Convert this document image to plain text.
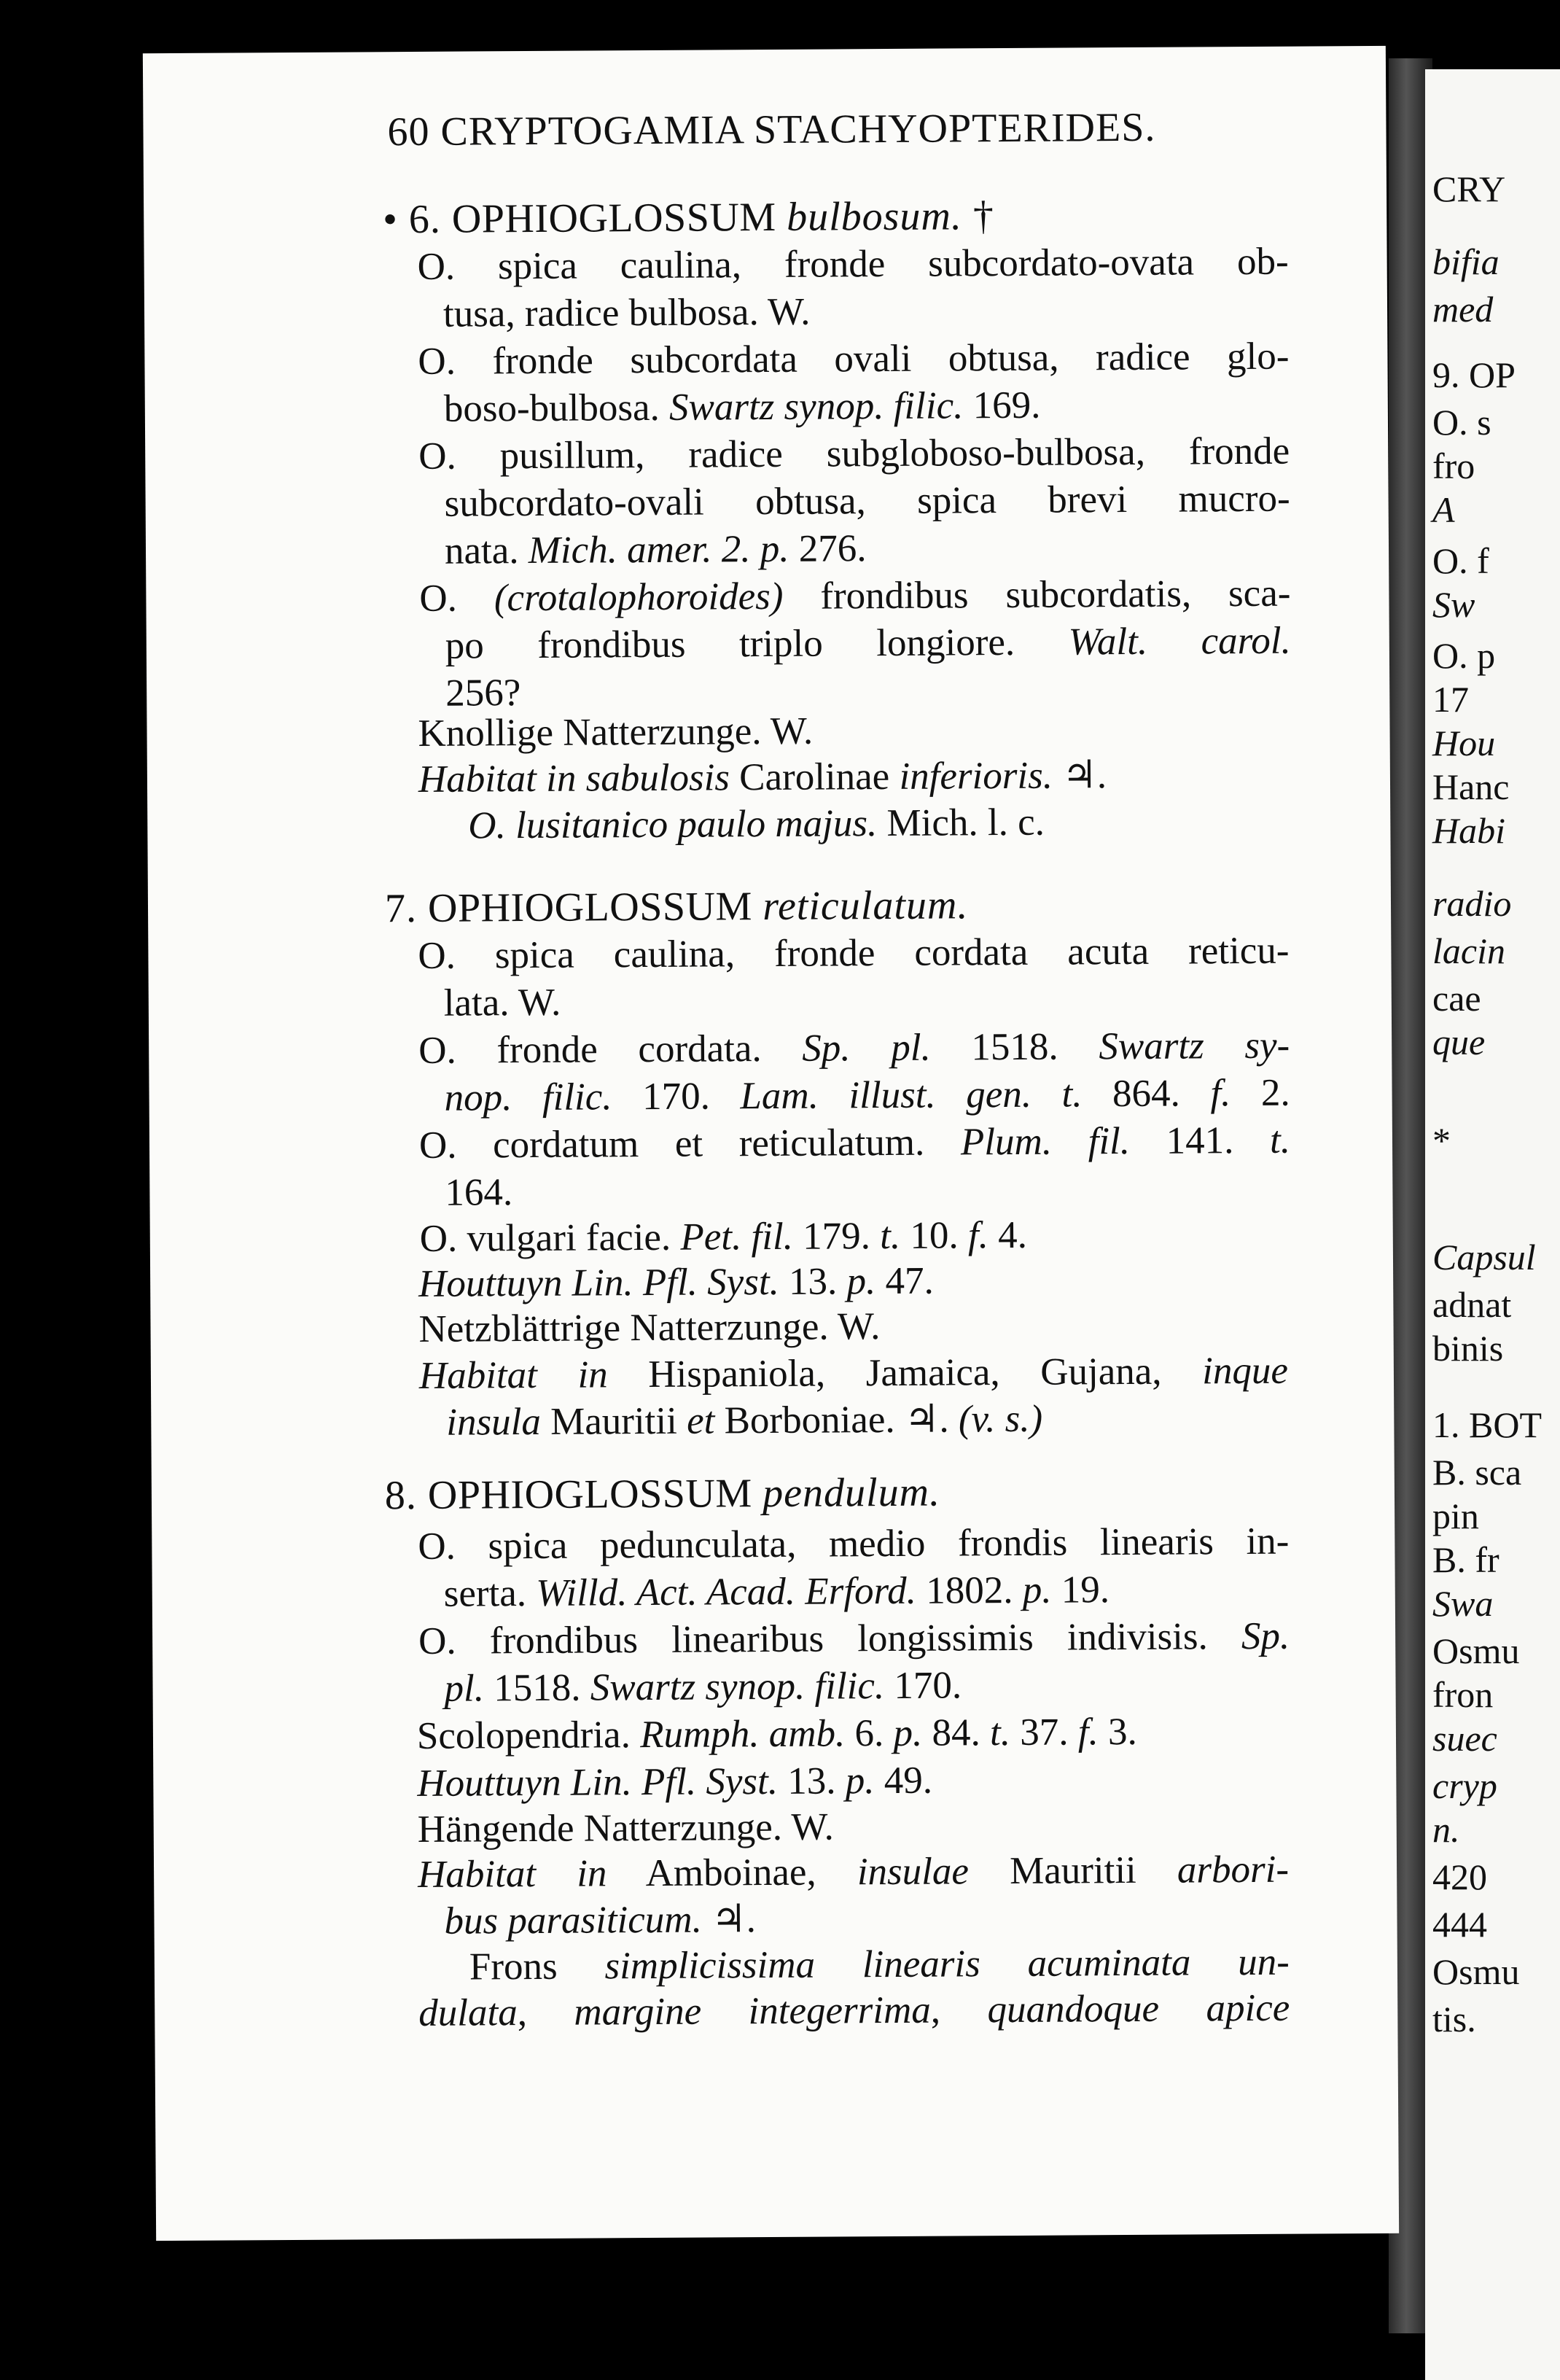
CRY
bifia
med
9. OP
O. s
fro
A
O. f
Sw
O. p
17
Hou
Hanc
Habi
radio
lacin
cae
que
*
Capsul
adnat
binis
1. BOT
B. sca
pin
B. fr
Swa
Osmu
fron
suec
cryp
n.
420
444
Osmu
tis.
60 CRYPTOGAMIA STACHYOPTERIDES.
• 6. OPHIOGLOSSUM bulbosum. †
O. spica caulina, fronde subcordato-ovata ob-
tusa, radice bulbosa. W.
O. fronde subcordata ovali obtusa, radice glo-
boso-bulbosa. Swartz synop. filic. 169.
O. pusillum, radice subgloboso-bulbosa, fronde
subcordato-ovali obtusa, spica brevi mucro-
nata. Mich. amer. 2. p. 276.
O. (crotalophoroides) frondibus subcordatis, sca-
po frondibus triplo longiore. Walt. carol.
256?
Knollige Natterzunge. W.
Habitat in sabulosis Carolinae inferioris. ♃.
O. lusitanico paulo majus. Mich. l. c.
7. OPHIOGLOSSUM reticulatum.
O. spica caulina, fronde cordata acuta reticu-
lata. W.
O. fronde cordata. Sp. pl. 1518. Swartz sy-
nop. filic. 170. Lam. illust. gen. t. 864. f. 2.
O. cordatum et reticulatum. Plum. fil. 141. t.
164.
O. vulgari facie. Pet. fil. 179. t. 10. f. 4.
Houttuyn Lin. Pfl. Syst. 13. p. 47.
Netzblättrige Natterzunge. W.
Habitat in Hispaniola, Jamaica, Gujana, inque
insula Mauritii et Borboniae. ♃. (v. s.)
8. OPHIOGLOSSUM pendulum.
O. spica pedunculata, medio frondis linearis in-
serta. Willd. Act. Acad. Erford. 1802. p. 19.
O. frondibus linearibus longissimis indivisis. Sp.
pl. 1518. Swartz synop. filic. 170.
Scolopendria. Rumph. amb. 6. p. 84. t. 37. f. 3.
Houttuyn Lin. Pfl. Syst. 13. p. 49.
Hängende Natterzunge. W.
Habitat in Amboinae, insulae Mauritii arbori-
bus parasiticum. ♃.
Frons simplicissima linearis acuminata un-
dulata, margine integerrima, quandoque apice
